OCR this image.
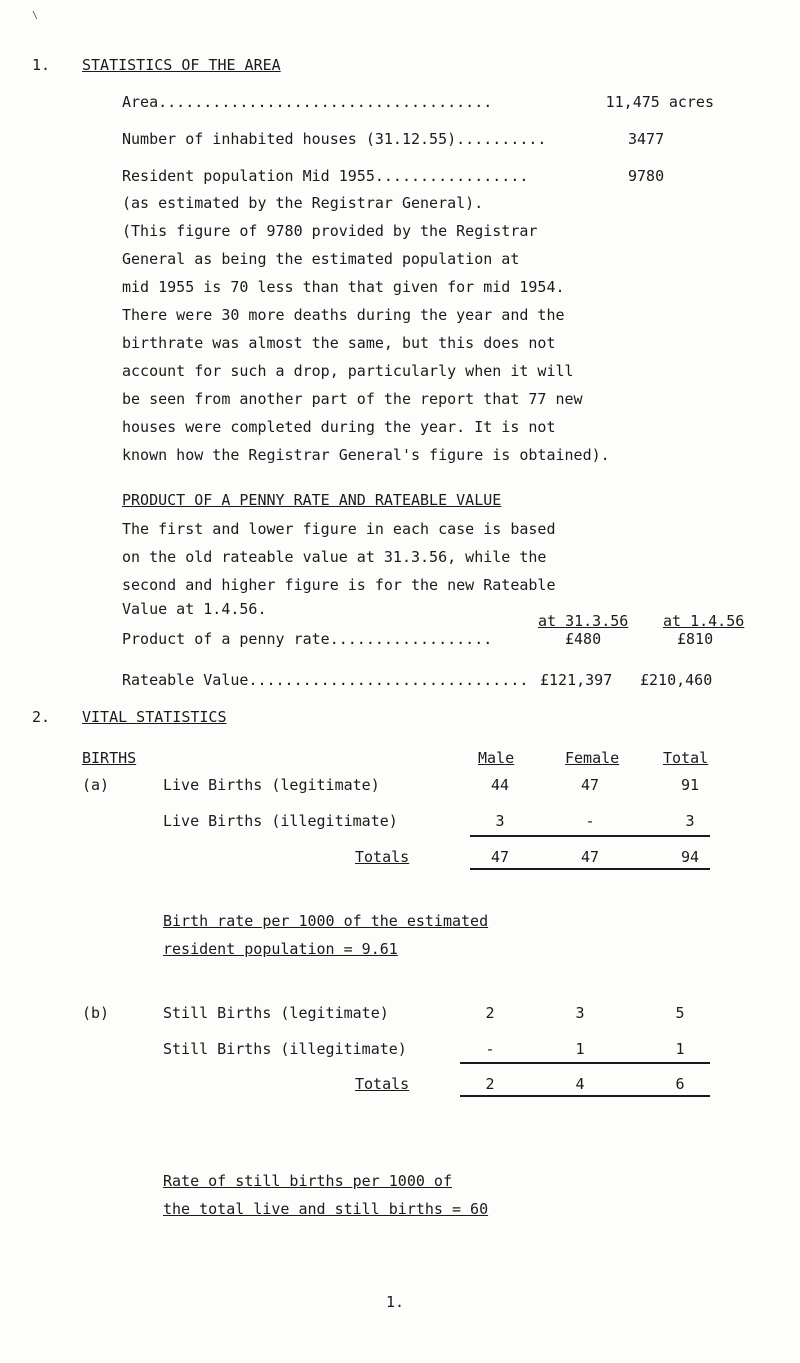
\
1. STATISTICS OF THE AREA
Area.....................................	11,475 acres
Number of inhabited houses (31.12.55)..........	3477
Resident population Mid 1955.................	9780
(as estimated by the Registrar General).
(This figure of 9780 provided by the Registrar
General as being the estimated population at
mid 1955 is 70 less than that given for mid 1954.
There were 30 more deaths during the year and the
birthrate was almost the same, but this does not
account for such a drop, particularly when it will
be seen from another part of the report that 77 new
houses were completed during the year. It is not
known how the Registrar General's figure is obtained).
PRODUCT OF A PENNY RATE AND RATEABLE VALUE
The first and lower figure in each case is based
on the old rateable value at 31.3.56, while the
second and higher figure is for the new Rateable
Value at 1.4.56.
at 31.3.56 at 1.4.56
Product of a penny rate..................	£480	£810
Rateable Value............................... £121,397 £210,460
2. VITAL STATISTICS
BIRTHS	Male	Female	Total
(a)	Live Births (legitimate)	44	47	91
Live Births (illegitimate)	3	-	3
Totals	47	47	94
Birth rate per 1000 of the estimated
resident population = 9.61
(b)	Still Births (legitimate)	2	3	5
Still Births (illegitimate)	-	1	1
Totals	2	4	6
Rate of still births per 1000 of
the total live and still births = 60
1.
